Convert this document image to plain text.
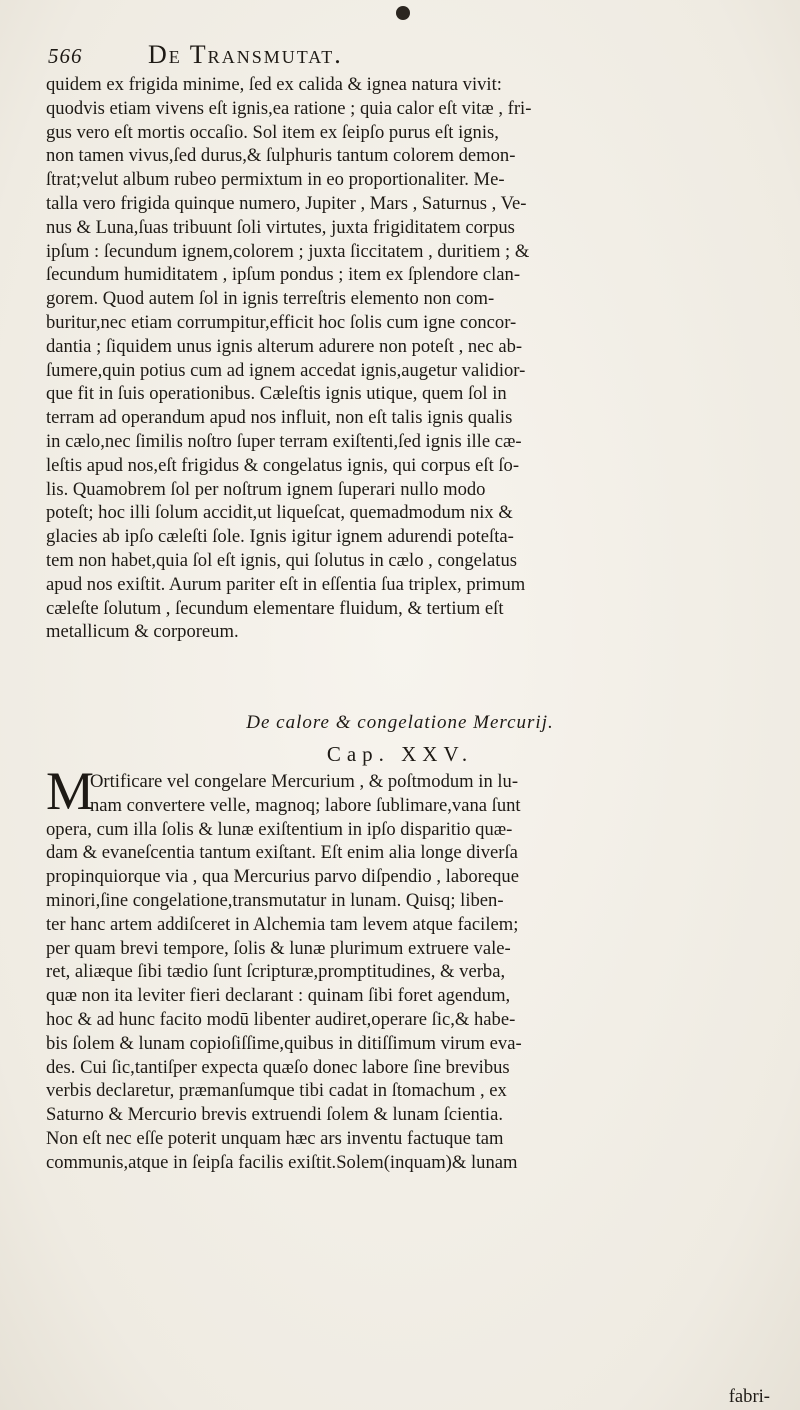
566	De Transmutat.
quidem ex frigida minime, ſed ex calida & ignea natura vivit:
quodvis etiam vivens eſt ignis,ea ratione ; quia calor eſt vitæ , fri-
gus vero eſt mortis occaſio. Sol item ex ſeipſo purus eſt ignis,
non tamen vivus,ſed durus,& ſulphuris tantum colorem demon-
ſtrat;velut album rubeo permixtum in eo proportionaliter. Me-
talla vero frigida quinque numero, Jupiter , Mars , Saturnus , Ve-
nus & Luna,ſuas tribuunt ſoli virtutes, juxta frigiditatem corpus
ipſum : ſecundum ignem,colorem ; juxta ſiccitatem , duritiem ; &
ſecundum humiditatem , ipſum pondus ; item ex ſplendore clan-
gorem. Quod autem ſol in ignis terreſtris elemento non com-
buritur,nec etiam corrumpitur,efficit hoc ſolis cum igne concor-
dantia ; ſiquidem unus ignis alterum adurere non poteſt , nec ab-
ſumere,quin potius cum ad ignem accedat ignis,augetur validior-
que fit in ſuis operationibus. Cæleſtis ignis utique, quem ſol in
terram ad operandum apud nos influit, non eſt talis ignis qualis
in cælo,nec ſimilis noſtro ſuper terram exiſtenti,ſed ignis ille cæ-
leſtis apud nos,eſt frigidus & congelatus ignis, qui corpus eſt ſo-
lis. Quamobrem ſol per noſtrum ignem ſuperari nullo modo
poteſt; hoc illi ſolum accidit,ut liqueſcat, quemadmodum nix &
glacies ab ipſo cæleſti ſole. Ignis igitur ignem adurendi poteſta-
tem non habet,quia ſol eſt ignis, qui ſolutus in cælo , congelatus
apud nos exiſtit. Aurum pariter eſt in eſſentia ſua triplex, primum
cæleſte ſolutum , ſecundum elementare fluidum, & tertium eſt
metallicum & corporeum.
De calore & congelatione Mercurij.
Cap. XXV.
M
Ortificare vel congelare Mercurium , & poſtmodum in lu-
nam convertere velle, magnoq; labore ſublimare,vana ſunt
opera, cum illa ſolis & lunæ exiſtentium in ipſo disparitio quæ-
dam & evaneſcentia tantum exiſtant. Eſt enim alia longe diverſa
propinquiorque via , qua Mercurius parvo diſpendio , laboreque
minori,ſine congelatione,transmutatur in lunam. Quisq; liben-
ter hanc artem addiſceret in Alchemia tam levem atque facilem;
per quam brevi tempore, ſolis & lunæ plurimum extruere vale-
ret, aliæque ſibi tædio ſunt ſcripturæ,promptitudines, & verba,
quæ non ita leviter fieri declarant : quinam ſibi foret agendum,
hoc & ad hunc facito modū libenter audiret,operare ſic,& habe-
bis ſolem & lunam copioſiſſime,quibus in ditiſſimum virum eva-
des. Cui ſic,tantiſper expecta quæſo donec labore ſine brevibus
verbis declaretur, præmanſumque tibi cadat in ſtomachum , ex
Saturno & Mercurio brevis extruendi ſolem & lunam ſcientia.
Non eſt nec eſſe poterit unquam hæc ars inventu factuque tam
communis,atque in ſeipſa facilis exiſtit.Solem(inquam)& lunam
fabri-
